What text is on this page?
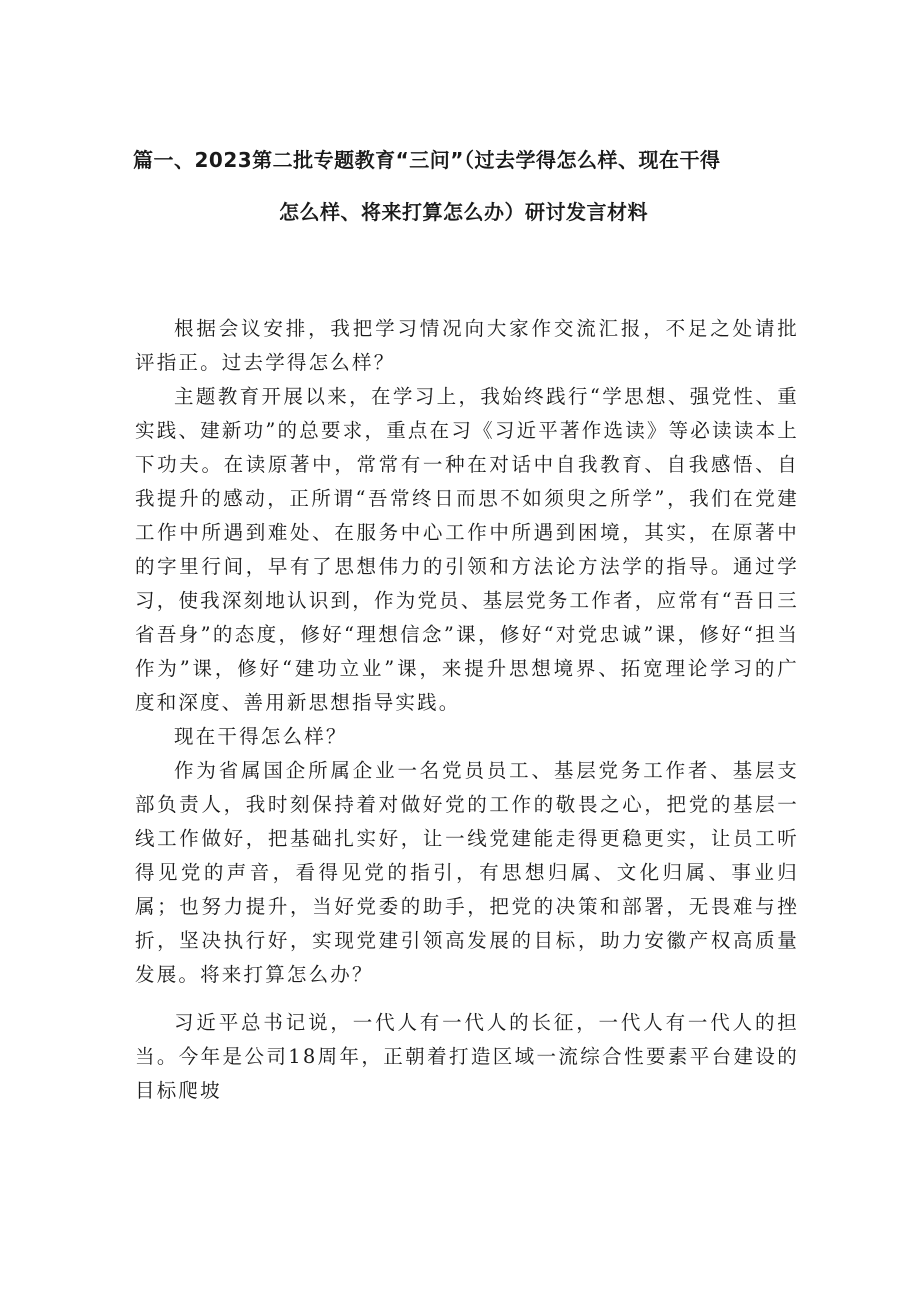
篇一、2023第二批专题教育“三问”（过去学得怎么样、现在干得
怎么样、将来打算怎么办）研讨发言材料

根据会议安排，我把学习情况向大家作交流汇报，不足之处请批评指正。过去学得怎么样？

主题教育开展以来，在学习上，我始终践行“学思想、强党性、重实践、建新功”的总要求，重点在习《习近平著作选读》等必读读本上下功夫。在读原著中，常常有一种在对话中自我教育、自我感悟、自我提升的感动，正所谓“吾常终日而思不如须臾之所学”，我们在党建工作中所遇到难处、在服务中心工作中所遇到困境，其实，在原著中的字里行间，早有了思想伟力的引领和方法论方法学的指导。通过学习，使我深刻地认识到，作为党员、基层党务工作者，应常有“吾日三省吾身”的态度，修好“理想信念”课，修好“对党忠诚”课，修好“担当作为”课，修好“建功立业”课，来提升思想境界、拓宽理论学习的广度和深度、善用新思想指导实践。

现在干得怎么样？

作为省属国企所属企业一名党员员工、基层党务工作者、基层支部负责人，我时刻保持着对做好党的工作的敬畏之心，把党的基层一线工作做好，把基础扎实好，让一线党建能走得更稳更实，让员工听得见党的声音，看得见党的指引，有思想归属、文化归属、事业归属；也努力提升，当好党委的助手，把党的决策和部署，无畏难与挫折，坚决执行好，实现党建引领高发展的目标，助力安徽产权高质量发展。将来打算怎么办？

习近平总书记说，一代人有一代人的长征，一代人有一代人的担当。今年是公司18周年，正朝着打造区域一流综合性要素平台建设的目标爬坡
